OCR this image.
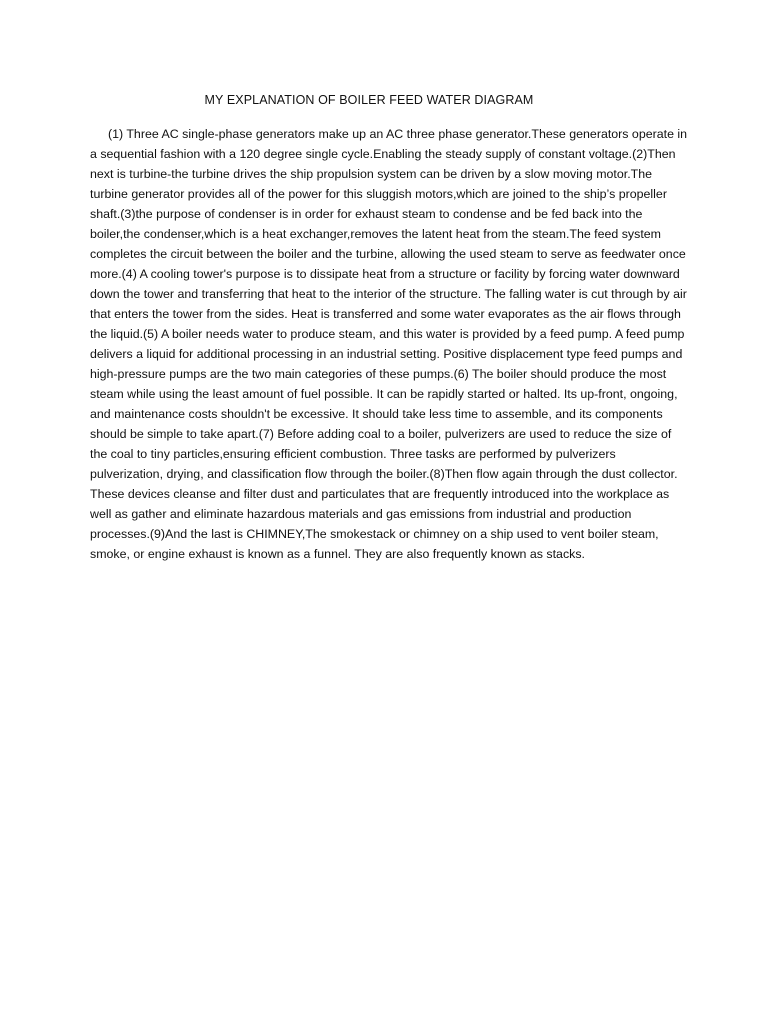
MY EXPLANATION OF BOILER FEED WATER DIAGRAM

(1) Three AC single-phase generators make up an AC three phase generator.These generators operate in a sequential fashion with a 120 degree single cycle.Enabling the steady supply of constant voltage.(2)Then next is turbine-the turbine drives the ship propulsion system can be driven by a slow moving motor.The turbine generator provides all of the power for this sluggish motors,which are joined to the ship’s propeller shaft.(3)the purpose of condenser is in order for exhaust steam to condense and be fed back into the boiler,the condenser,which is a heat exchanger,removes the latent heat from the steam.The feed system completes the circuit between the boiler and the turbine, allowing the used steam to serve as feedwater once more.(4) A cooling tower's purpose is to dissipate heat from a structure or facility by forcing water downward down the tower and transferring that heat to the interior of the structure. The falling water is cut through by air that enters the tower from the sides. Heat is transferred and some water evaporates as the air flows through the liquid.(5) A boiler needs water to produce steam, and this water is provided by a feed pump. A feed pump delivers a liquid for additional processing in an industrial setting. Positive displacement type feed pumps and high-pressure pumps are the two main categories of these pumps.(6) The boiler should produce the most steam while using the least amount of fuel possible. It can be rapidly started or halted. Its up-front, ongoing, and maintenance costs shouldn't be excessive. It should take less time to assemble, and its components should be simple to take apart.(7) Before adding coal to a boiler, pulverizers are used to reduce the size of the coal to tiny particles,ensuring efficient combustion. Three tasks are performed by pulverizers pulverization, drying, and classification flow through the boiler.(8)Then flow again through the dust collector. These devices cleanse and filter dust and particulates that are frequently introduced into the workplace as well as gather and eliminate hazardous materials and gas emissions from industrial and production processes.(9)And the last is CHIMNEY,The smokestack or chimney on a ship used to vent boiler steam, smoke, or engine exhaust is known as a funnel. They are also frequently known as stacks.
